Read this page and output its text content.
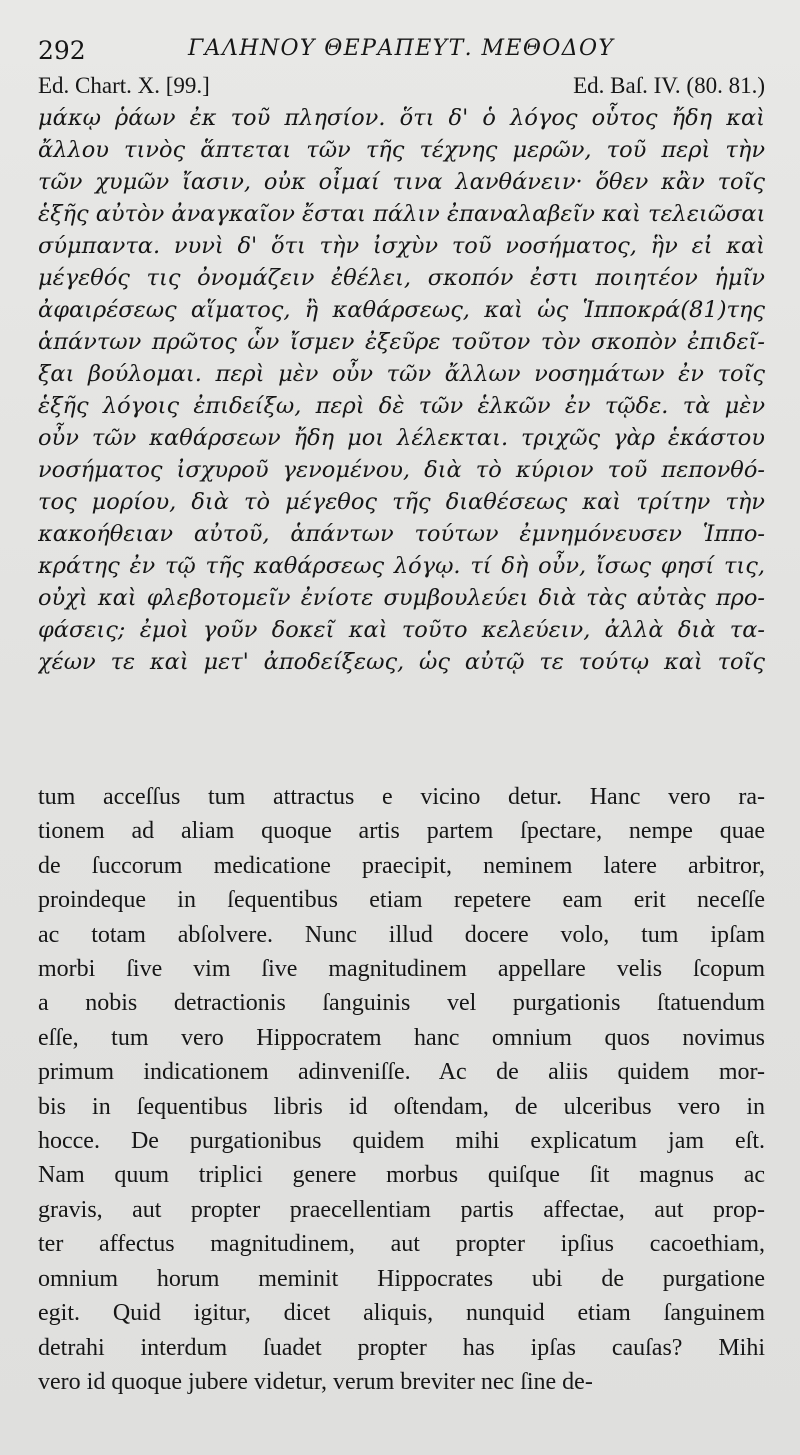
292	ΓΑΛΗΝΟΥ ΘΕΡΑΠΕΥΤ. ΜΕΘΟΔΟΥ
Ed. Chart. X. [99.]	Ed. Baſ. IV. (80. 81.)
μάκῳ ῥάων ἐκ τοῦ πλησίον. ὅτι δ' ὁ λόγος οὗτος ἤδη καὶ
ἄλλου τινὸς ἅπτεται τῶν τῆς τέχνης μερῶν, τοῦ περὶ τὴν
τῶν χυμῶν ἴασιν, οὐκ οἶμαί τινα λανθάνειν· ὅθεν κἂν τοῖς
ἑξῆς αὐτὸν ἀναγκαῖον ἔσται πάλιν ἐπαναλαβεῖν καὶ τελειῶσαι
σύμπαντα. νυνὶ δ' ὅτι τὴν ἰσχὺν τοῦ νοσήματος, ἣν εἰ καὶ
μέγεθός τις ὀνομάζειν ἐθέλει, σκοπόν ἐστι ποιητέον ἡμῖν
ἀφαιρέσεως αἵματος, ἢ καθάρσεως, καὶ ὡς Ἱπποκρά(81)της
ἁπάντων πρῶτος ὧν ἴσμεν ἐξεῦρε τοῦτον τὸν σκοπὸν ἐπιδεῖ-
ξαι βούλομαι. περὶ μὲν οὖν τῶν ἄλλων νοσημάτων ἐν τοῖς
ἑξῆς λόγοις ἐπιδείξω, περὶ δὲ τῶν ἑλκῶν ἐν τῷδε. τὰ μὲν
οὖν τῶν καθάρσεων ἤδη μοι λέλεκται. τριχῶς γὰρ ἑκάστου
νοσήματος ἰσχυροῦ γενομένου, διὰ τὸ κύριον τοῦ πεπονθό-
τος μορίου, διὰ τὸ μέγεθος τῆς διαθέσεως καὶ τρίτην τὴν
κακοήθειαν αὐτοῦ, ἁπάντων τούτων ἐμνημόνευσεν Ἱππο-
κράτης ἐν τῷ τῆς καθάρσεως λόγῳ. τί δὴ οὖν, ἴσως φησί τις,
οὐχὶ καὶ φλεβοτομεῖν ἐνίοτε συμβουλεύει διὰ τὰς αὐτὰς προ-
φάσεις; ἐμοὶ γοῦν δοκεῖ καὶ τοῦτο κελεύειν, ἀλλὰ διὰ τα-
χέων τε καὶ μετ' ἀποδείξεως, ὡς αὐτῷ τε τούτῳ καὶ τοῖς
tum acceſſus tum attractus e vicino detur. Hanc vero ra-
tionem ad aliam quoque artis partem ſpectare, nempe quae
de ſuccorum medicatione praecipit, neminem latere arbitror,
proindeque in ſequentibus etiam repetere eam erit neceſſe
ac totam abſolvere. Nunc illud docere volo, tum ipſam
morbi ſive vim ſive magnitudinem appellare velis ſcopum
a nobis detractionis ſanguinis vel purgationis ſtatuendum
eſſe, tum vero Hippocratem hanc omnium quos novimus
primum indicationem adinveniſſe. Ac de aliis quidem mor-
bis in ſequentibus libris id oſtendam, de ulceribus vero in
hocce. De purgationibus quidem mihi explicatum jam eſt.
Nam quum triplici genere morbus quiſque ſit magnus ac
gravis, aut propter praecellentiam partis affectae, aut prop-
ter affectus magnitudinem, aut propter ipſius cacoethiam,
omnium horum meminit Hippocrates ubi de purgatione
egit. Quid igitur, dicet aliquis, nunquid etiam ſanguinem
detrahi interdum ſuadet propter has ipſas cauſas? Mihi
vero id quoque jubere videtur, verum breviter nec ſine de-
